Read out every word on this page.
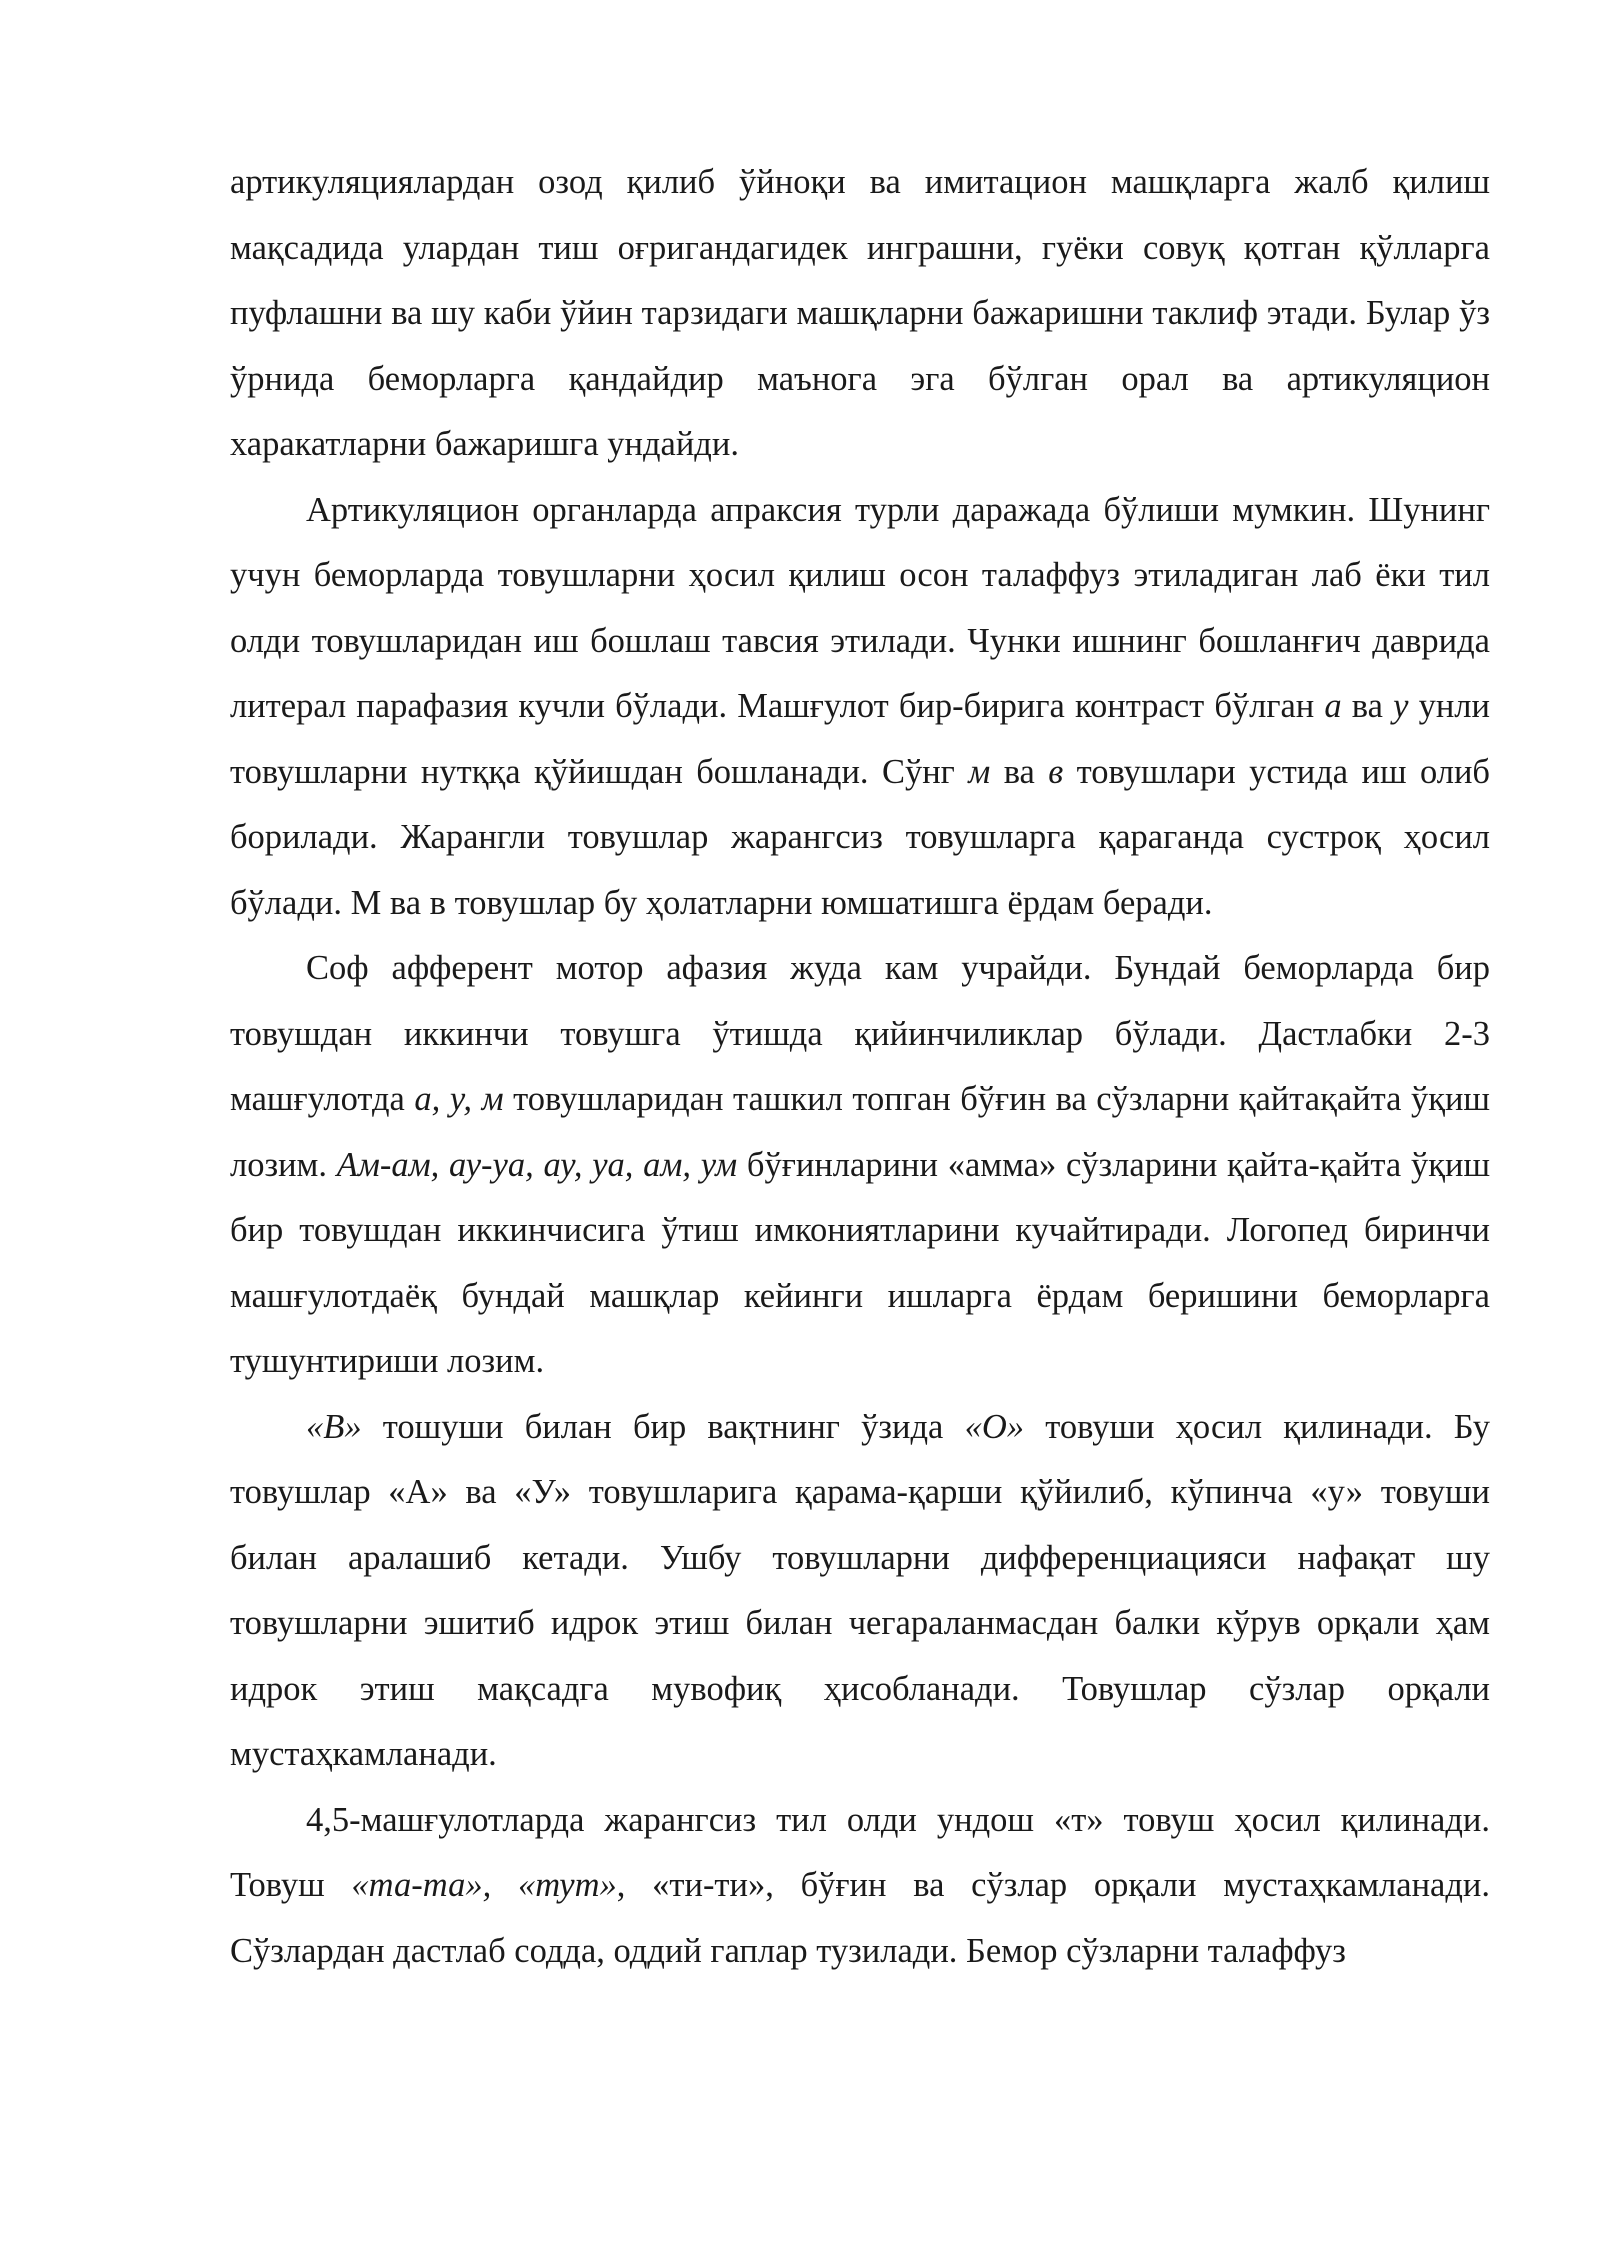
артикуляциялардан озод қилиб ўйноқи ва имитацион машқларга жалб қилиш мақсадида улардан тиш оғригандагидек инграшни, гуёки совуқ қотган қўлларга пуфлашни ва шу каби ўйин тарзидаги машқларни бажаришни таклиф этади. Булар ўз ўрнида беморларга қандайдир маънога эга бўлган орал ва артикуляцион харакатларни бажаришга ундайди.

Артикуляцион органларда апраксия турли даражада бўлиши мумкин. Шунинг учун беморларда товушларни ҳосил қилиш осон талаффуз этиладиган лаб ёки тил олди товушларидан иш бошлаш тавсия этилади. Чунки ишнинг бошланғич даврида литерал парафазия кучли бўлади. Машғулот бир-бирига контраст бўлган а ва у унли товушларни нутққа қўйишдан бошланади. Сўнг м ва в товушлари устида иш олиб борилади. Жарангли товушлар жарангсиз товушларга қараганда сустроқ ҳосил бўлади. М ва в товушлар бу ҳолатларни юмшатишга ёрдам беради.

Соф афферент мотор афазия жуда кам учрайди. Бундай беморларда бир товушдан иккинчи товушга ўтишда қийинчиликлар бўлади. Дастлабки 2-3 машғулотда а, у, м товушларидан ташкил топган бўғин ва сўзларни қайтақайта ўқиш лозим. Ам-ам, ау-уа, ау, уа, ам, ум бўғинларини «амма» сўзларини қайта-қайта ўқиш бир товушдан иккинчисига ўтиш имкониятларини кучайтиради. Логопед биринчи машғулотдаёқ бундай машқлар кейинги ишларга ёрдам беришини беморларга тушунтириши лозим.

«В» тошуши билан бир вақтнинг ўзида «О» товуши ҳосил қилинади. Бу товушлар «А» ва «У» товушларига қарама-қарши қўйилиб, кўпинча «у» товуши билан аралашиб кетади. Ушбу товушларни дифференциацияси нафақат шу товушларни эшитиб идрок этиш билан чегараланмасдан балки кўрув орқали ҳам идрок этиш мақсадга мувофиқ ҳисобланади. Товушлар сўзлар орқали мустаҳкамланади.

4,5-машғулотларда жарангсиз тил олди ундош «т» товуш ҳосил қилинади. Товуш «та-та», «тут», «ти-ти», бўғин ва сўзлар орқали мустаҳкамланади. Сўзлардан дастлаб содда, оддий гаплар тузилади. Бемор сўзларни талаффуз
